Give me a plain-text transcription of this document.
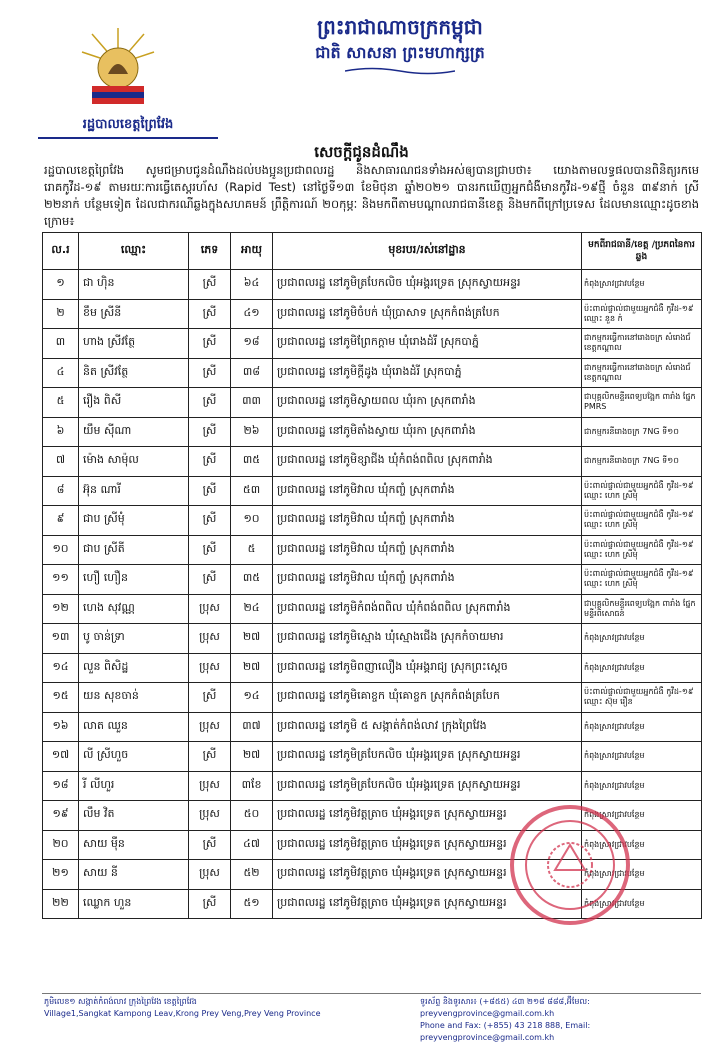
រដ្ឋបាលខេត្តព្រៃវែង
ព្រះរាជាណាចក្រកម្ពុជា
ជាតិ សាសនា ព្រះមហាក្សត្រ
សេចក្ដីជូនដំណឹង
រដ្ឋបាលខេត្តព្រៃវែង សូមជម្រាបជូនដំណឹងដល់បងប្អូនប្រជាពលរដ្ឋ និងសាធារណជនទាំងអស់ឲ្យបានជ្រាបថា៖ យោងតាមលទ្ធផលបានពិនិត្យរកមេរោគកូវីដ-១៩ តាមរយៈការធ្វើតេស្តរហ័ស (Rapid Test) នៅថ្ងៃទី១៣ ខែមិថុនា ឆ្នាំ២០២១ បានរកឃើញអ្នកជំងឺមានកូវីដ-១៩ថ្មី ចំនួន ៣៩នាក់ ស្រី ២២នាក់ បន្ថែមទៀត ដែលជាករណីឆ្លងក្នុងសហគមន៍ ព្រឹត្តិការណ៍ ២០កុម្ភៈ និងមកពីតាមបណ្ដាលរាជធានីខេត្ត និងមកពីក្រៅប្រទេស ដែលមានឈ្មោះដូចខាងក្រោម៖
ល.រ	ឈ្មោះ	ភេទ	អាយុ	មុខរបរ/រស់នៅដ្ឋាន	មកពីរាជធានី/ខេត្ត /ប្រភពនៃការឆ្លង
១	ជា ហ៊ិន	ស្រី	៦៤	ប្រជាពលរដ្ឋ នៅភូមិត្របែកលិច ឃុំអង្គរទ្រេត ស្រុកស្វាយអន្ទរ	កំពុងស្រាវជ្រាវបន្ថែម
២	ខឹម ស្រីនី	ស្រី	៤១	ប្រជាពលរដ្ឋ នៅភូមិចំបក់ ឃុំប្រាសាទ ស្រុកកំពង់ត្របែក	ប៉ះពាល់ផ្ទាល់ជាមួយអ្នកជំងឺ កូវីដ-១៩ ឈ្មោះ នួន ក៉
៣	ហាង ស្រីវត្ថែ	ស្រី	១៨	ប្រជាពលរដ្ឋ នៅភូមិព្រែកក្ដាម ឃុំរោងដំរី ស្រុកបាភ្នំ	ជាកម្មករធ្វើការនៅរោងចក្រ សំរោងជ័ ខេត្តកណ្ដាល
៤	និត ស្រីវត្ថែ	ស្រី	៣៨	ប្រជាពលរដ្ឋ នៅភូមិក្ដីដូង ឃុំរោងដំរី ស្រុកបាភ្នំ	ជាកម្មករធ្វើការនៅរោងចក្រ សំរោងជ័ ខេត្តកណ្ដាល
៥	រឿង ពិសី	ស្រី	៣៣	ប្រជាពលរដ្ឋ នៅភូមិស្វាយពល ឃុំរកា ស្រុកពារាំង	ជាបុគ្គលិកមន្ទីរពេទ្យបង្អែក ពារាំង ផ្នែក PMRS
៦	យឹម ស៊ីណា	ស្រី	២៦	ប្រជាពលរដ្ឋ នៅភូមិតាំងស្វាយ ឃុំរកា ស្រុកពារាំង	ជាកម្មករនីរោងចក្រ 7NG ទី១០
៧	ម៉ោង សាម៉ុល	ស្រី	៣៥	ប្រជាពលរដ្ឋ នៅភូមិខ្សាជីង ឃុំកំពង់ពពិល ស្រុកពារាំង	ជាកម្មករនីរោងចក្រ 7NG ទី១០
៨	អ៊ុន ណារី	ស្រី	៥៣	ប្រជាពលរដ្ឋ នៅភូមិវាល ឃុំកញ្ចំ ស្រុកពារាំង	ប៉ះពាល់ផ្ទាល់ជាមួយអ្នកជំងឺ កូវីដ-១៩ ឈ្មោះ ហេក ស្រីមុំ
៩	ជាប ស្រីមុំ	ស្រី	១០	ប្រជាពលរដ្ឋ នៅភូមិវាល ឃុំកញ្ចំ ស្រុកពារាំង	ប៉ះពាល់ផ្ទាល់ជាមួយអ្នកជំងឺ កូវីដ-១៩ ឈ្មោះ ហេក ស្រីមុំ
១០	ជាប ស្រីតី	ស្រី	៥	ប្រជាពលរដ្ឋ នៅភូមិវាល ឃុំកញ្ចំ ស្រុកពារាំង	ប៉ះពាល់ផ្ទាល់ជាមួយអ្នកជំងឺ កូវីដ-១៩ ឈ្មោះ ហេក ស្រីមុំ
១១	ហឿ ហឿន	ស្រី	៣៥	ប្រជាពលរដ្ឋ នៅភូមិវាល ឃុំកញ្ចំ ស្រុកពារាំង	ប៉ះពាល់ផ្ទាល់ជាមួយអ្នកជំងឺ កូវីដ-១៩ ឈ្មោះ ហេក ស្រីមុំ
១២	ហេង សុវណ្ណ	ប្រុស	២៤	ប្រជាពលរដ្ឋ នៅភូមិកំពង់ពពិល ឃុំកំពង់ពពិល ស្រុកពារាំង	ជាបុគ្គលិកមន្ទីរពេទ្យបង្អែក ពារាំង ផ្នែក មន្ទីរពិសោធន៍
១៣	បូ ចាន់ទ្រា	ប្រុស	២៧	ប្រជាពលរដ្ឋ នៅភូមិស្មោង ឃុំស្មោងជើង ស្រុកកំចាយមារ	កំពុងស្រាវជ្រាវបន្ថែម
១៤	លួន ពិសិដ្ឋ	ប្រុស	២៧	ប្រជាពលរដ្ឋ នៅភូមិពញាលឿង ឃុំអង្គរាជ្យ ស្រុកព្រះស្ដេច	កំពុងស្រាវជ្រាវបន្ថែម
១៥	យន សុខចាន់	ស្រី	១៤	ប្រជាពលរដ្ឋ នៅភូមិគោខ្ចក ឃុំគោខ្ចក ស្រុកកំពង់ត្របែក	ប៉ះពាល់ផ្ទាល់ជាមួយអ្នកជំងឺ កូវីដ-១៩ ឈ្មោះ ស៊ុម រឿន
១៦	លាត ឈួន	ប្រុស	៣៧	ប្រជាពលរដ្ឋ នៅភូមិ ៥ សង្កាត់កំពង់លាវ ក្រុងព្រៃវែង	កំពុងស្រាវជ្រាវបន្ថែម
១៧	លី ស្រីហួច	ស្រី	២៧	ប្រជាពលរដ្ឋ នៅភូមិត្របែកលិច ឃុំអង្គរទ្រេត ស្រុកស្វាយអន្ទរ	កំពុងស្រាវជ្រាវបន្ថែម
១៨	រី លីហួរ	ប្រុស	៣ខែ	ប្រជាពលរដ្ឋ នៅភូមិត្របែកលិច ឃុំអង្គរទ្រេត ស្រុកស្វាយអន្ទរ	កំពុងស្រាវជ្រាវបន្ថែម
១៩	លឹម វិត	ប្រុស	៥០	ប្រជាពលរដ្ឋ នៅភូមិវត្តត្រាច ឃុំអង្គរទ្រេត ស្រុកស្វាយអន្ទរ	កំពុងស្រាវជ្រាវបន្ថែម
២០	សាយ ម៉ឺន	ស្រី	៤៧	ប្រជាពលរដ្ឋ នៅភូមិវត្តត្រាច ឃុំអង្គរទ្រេត ស្រុកស្វាយអន្ទរ	កំពុងស្រាវជ្រាវបន្ថែម
២១	សាយ នី	ប្រុស	៥២	ប្រជាពលរដ្ឋ នៅភូមិវត្តត្រាច ឃុំអង្គរទ្រេត ស្រុកស្វាយអន្ទរ	កំពុងស្រាវជ្រាវបន្ថែម
២២	ឈ្លោក ហួន	ស្រី	៥១	ប្រជាពលរដ្ឋ នៅភូមិវត្តត្រាច ឃុំអង្គរទ្រេត ស្រុកស្វាយអន្ទរ	កំពុងស្រាវជ្រាវបន្ថែម
ភូមិលេខ១ សង្កាត់កំពង់លាវ ក្រុងព្រៃវែង ខេត្តព្រៃវែង
Village1,Sangkat Kampong Leav,Krong Prey Veng,Prey Veng Province
ទូរស័ព្ទ និងទូរសារ៖ (+៨៥៥) ៤៣ ២១៨ ៨៨៨,អ៊ីមែល: preyvengprovince@gmail.com.kh
Phone and Fax: (+855) 43 218 888, Email: preyvengprovince@gmail.com.kh
